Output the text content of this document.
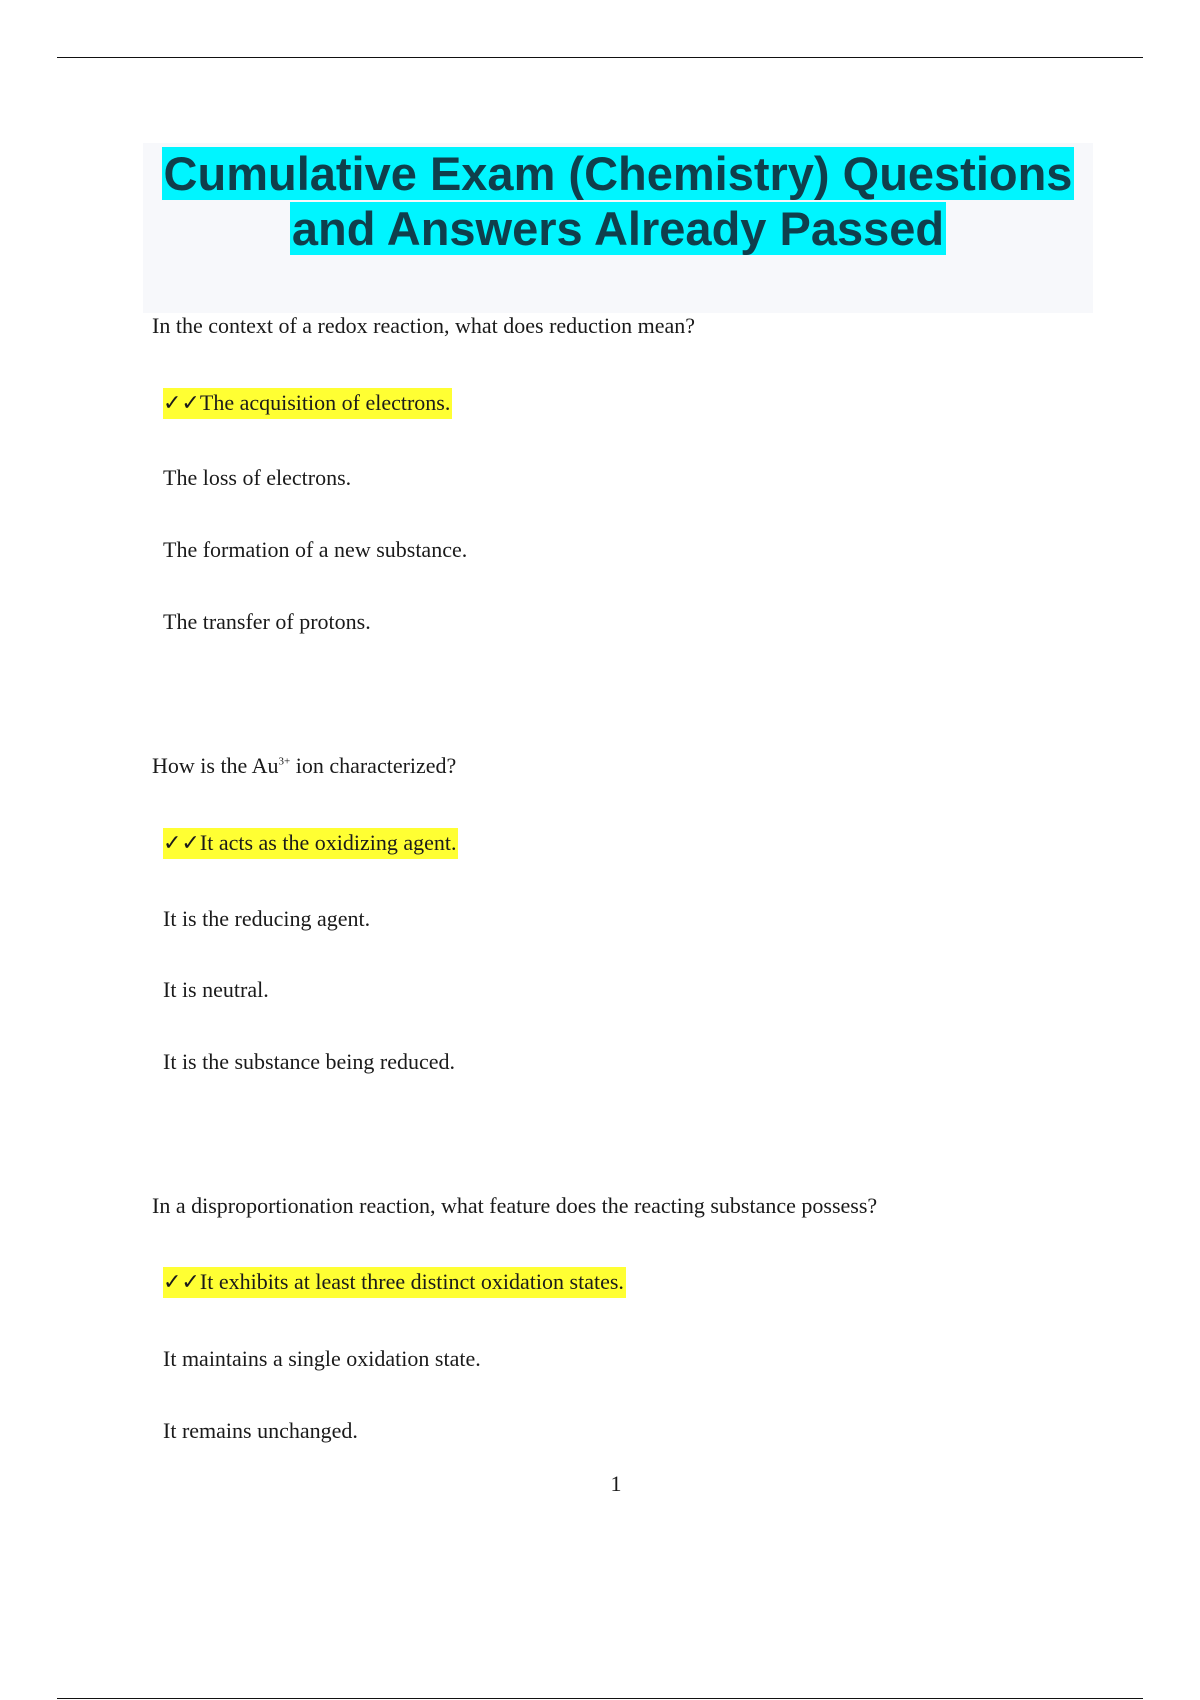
Cumulative Exam (Chemistry) Questions
and Answers Already Passed

In the context of a redox reaction, what does reduction mean?

✓✓The acquisition of electrons.

The loss of electrons.

The formation of a new substance.

The transfer of protons.

How is the $Au^{3+}$ ion characterized?

✓✓It acts as the oxidizing agent.

It is the reducing agent.

It is neutral.

It is the substance being reduced.

In a disproportionation reaction, what feature does the reacting substance possess?

✓✓It exhibits at least three distinct oxidation states.

It maintains a single oxidation state.

It remains unchanged.

1
